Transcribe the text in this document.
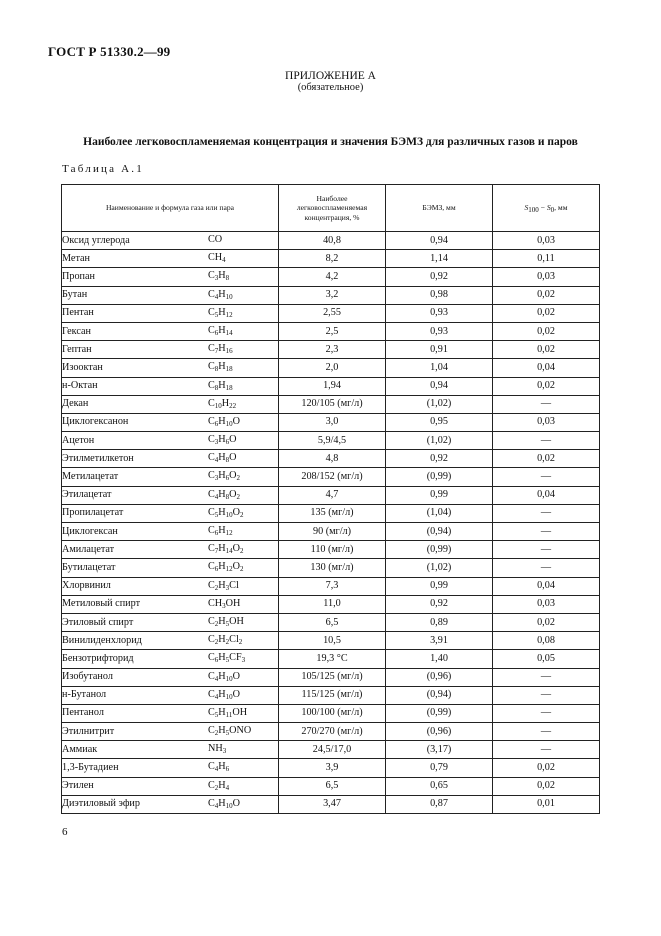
ГОСТ Р 51330.2—99
ПРИЛОЖЕНИЕ А
(обязательное)
Наиболее легковоспламеняемая концентрация и значения БЭМЗ для различных газов и паров
Таблица А.1
Наименование и формула газа или пара	Наиболее легковоспламеняемая концентрация, %	БЭМЗ, мм	$S_{100} - S_0$, мм
Оксид углерода CO	40,8	0,94	0,03
Метан $CH_4$	8,2	1,14	0,11
Пропан $C_3H_8$	4,2	0,92	0,03
Бутан $C_4H_{10}$	3,2	0,98	0,02
Пентан $C_5H_{12}$	2,55	0,93	0,02
Гексан $C_6H_{14}$	2,5	0,93	0,02
Гептан $C_7H_{16}$	2,3	0,91	0,02
Изооктан $C_8H_{18}$	2,0	1,04	0,04
н-Октан $C_8H_{18}$	1,94	0,94	0,02
Декан $C_{10}H_{22}$	120/105 (мг/л)	(1,02)	—
Циклогексанон $C_6H_{10}O$	3,0	0,95	0,03
Ацетон $C_3H_6O$	5,9/4,5	(1,02)	—
Этилметилкетон $C_4H_8O$	4,8	0,92	0,02
Метилацетат $C_3H_6O_2$	208/152 (мг/л)	(0,99)	—
Этилацетат $C_4H_8O_2$	4,7	0,99	0,04
Пропилацетат $C_5H_{10}O_2$	135 (мг/л)	(1,04)	—
Циклогексан $C_6H_{12}$	90 (мг/л)	(0,94)	—
Амилацетат $C_7H_{14}O_2$	110 (мг/л)	(0,99)	—
Бутилацетат $C_6H_{12}O_2$	130 (мг/л)	(1,02)	—
Хлорвинил $C_2H_3Cl$	7,3	0,99	0,04
Метиловый спирт $CH_3OH$	11,0	0,92	0,03
Этиловый спирт $C_2H_5OH$	6,5	0,89	0,02
Винилиденхлорид $C_2H_2Cl_2$	10,5	3,91	0,08
Бензотрифторид $C_6H_5CF_3$	19,3 °C	1,40	0,05
Изобутанол $C_4H_{10}O$	105/125 (мг/л)	(0,96)	—
н-Бутанол $C_4H_{10}O$	115/125 (мг/л)	(0,94)	—
Пентанол $C_5H_{11}OH$	100/100 (мг/л)	(0,99)	—
Этилнитрит $C_2H_5ONO$	270/270 (мг/л)	(0,96)	—
Аммиак $NH_3$	24,5/17,0	(3,17)	—
1,3-Бутадиен $C_4H_6$	3,9	0,79	0,02
Этилен $C_2H_4$	6,5	0,65	0,02
Диэтиловый эфир $C_4H_{10}O$	3,47	0,87	0,01
6
